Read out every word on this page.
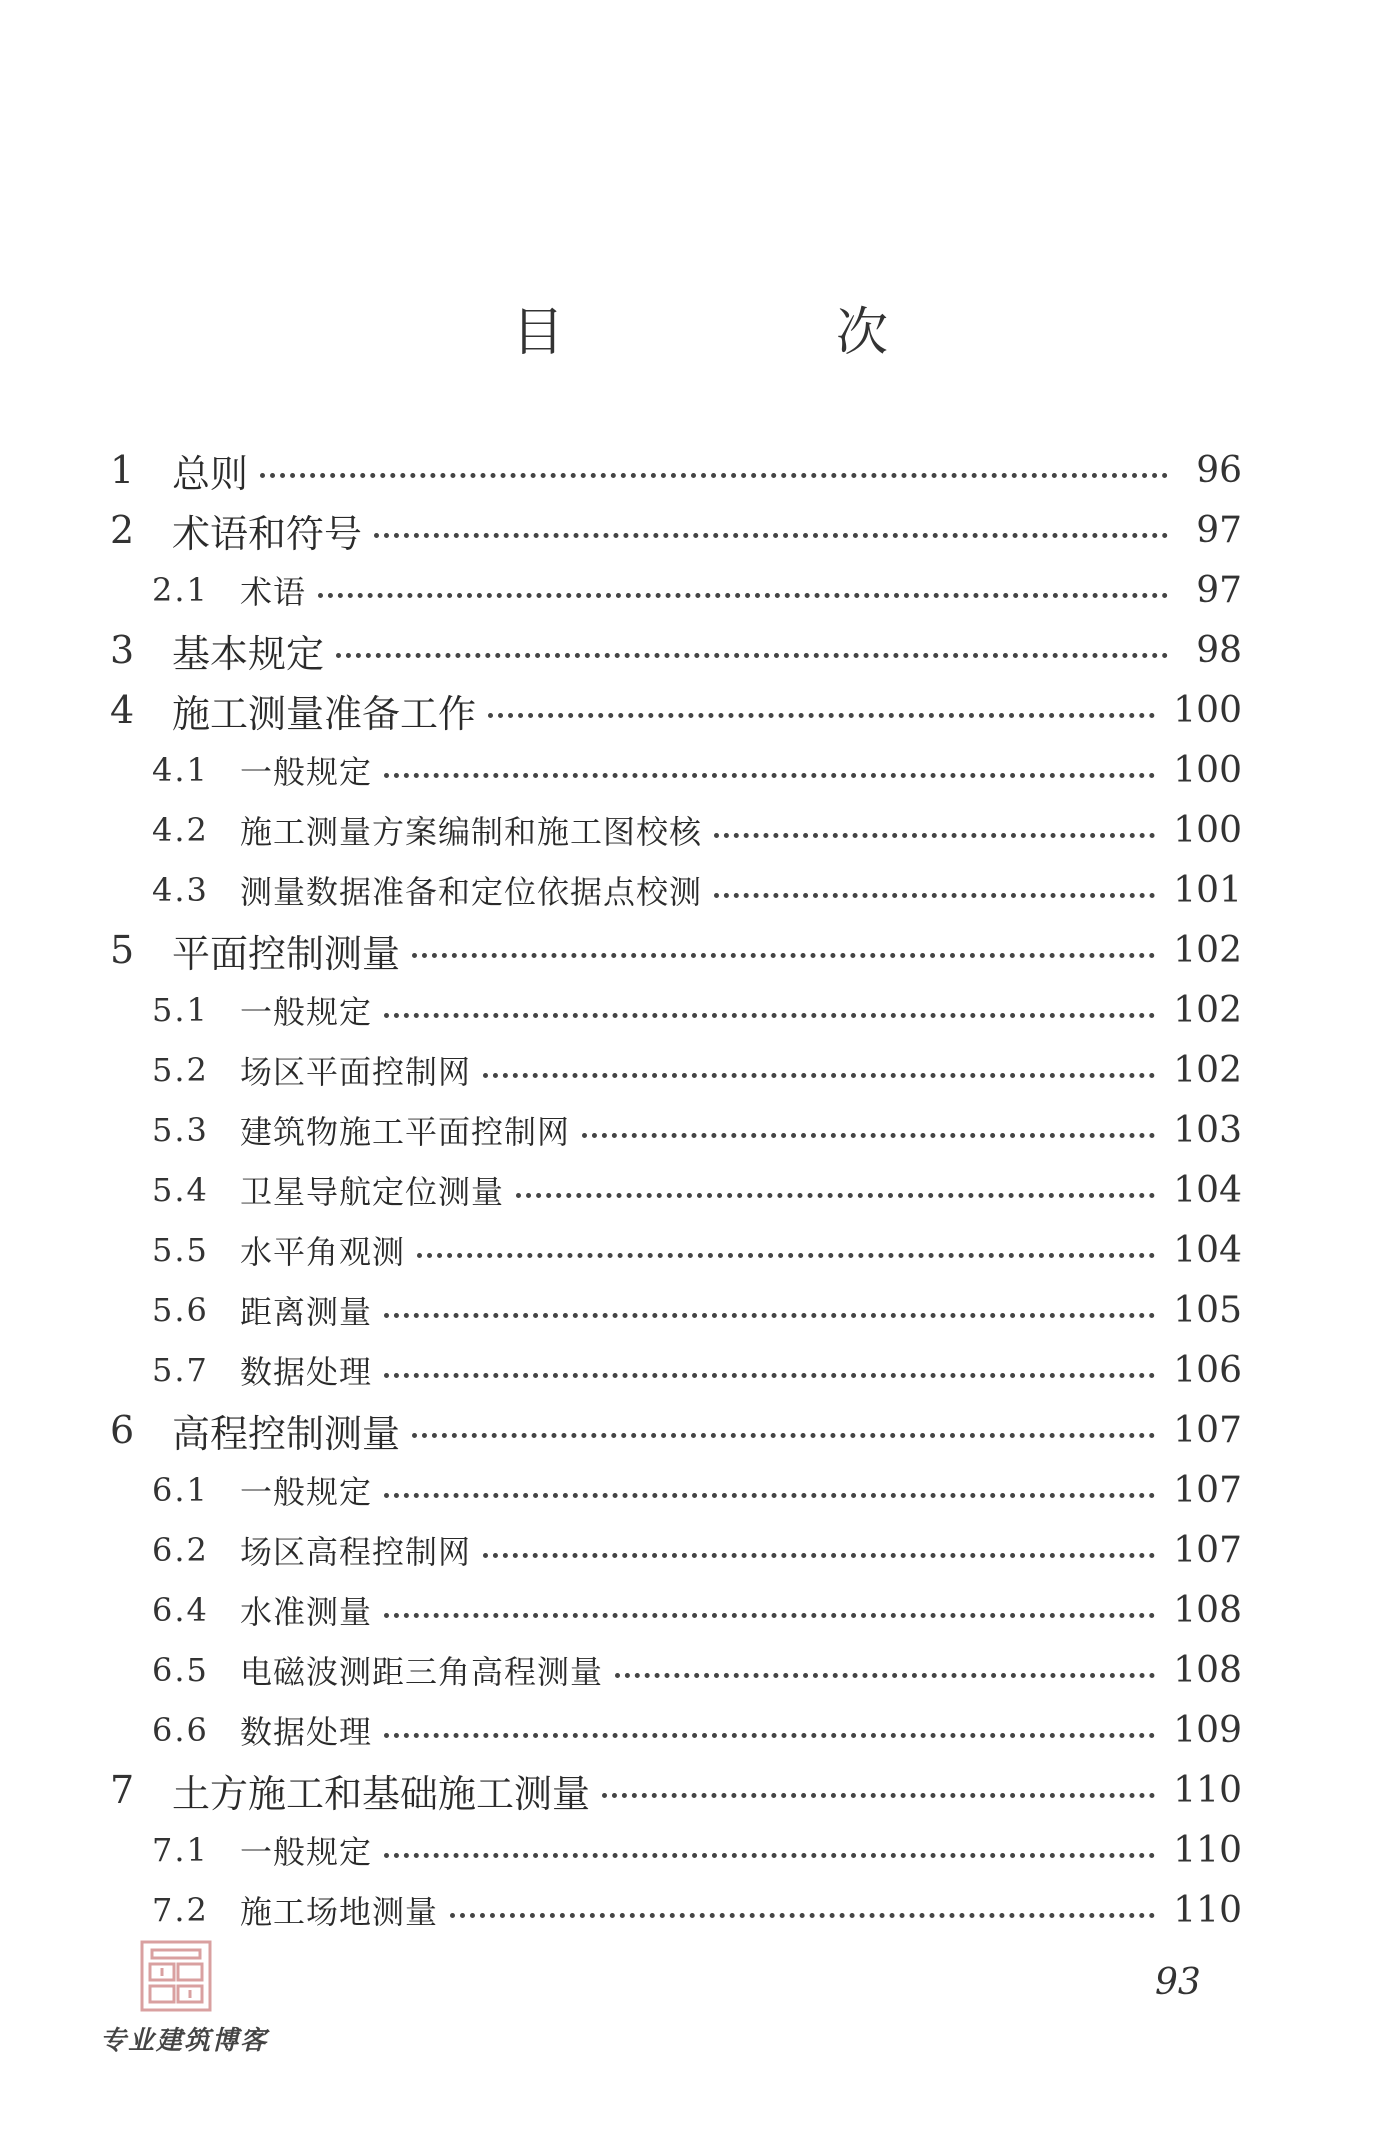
目　次
1 总则	96
2 术语和符号	97
2.1 术语	97
3 基本规定	98
4 施工测量准备工作	100
4.1 一般规定	100
4.2 施工测量方案编制和施工图校核	100
4.3 测量数据准备和定位依据点校测	101
5 平面控制测量	102
5.1 一般规定	102
5.2 场区平面控制网	102
5.3 建筑物施工平面控制网	103
5.4 卫星导航定位测量	104
5.5 水平角观测	104
5.6 距离测量	105
5.7 数据处理	106
6 高程控制测量	107
6.1 一般规定	107
6.2 场区高程控制网	107
6.4 水准测量	108
6.5 电磁波测距三角高程测量	108
6.6 数据处理	109
7 土方施工和基础施工测量	110
7.1 一般规定	110
7.2 施工场地测量	110
93
专业建筑博客
